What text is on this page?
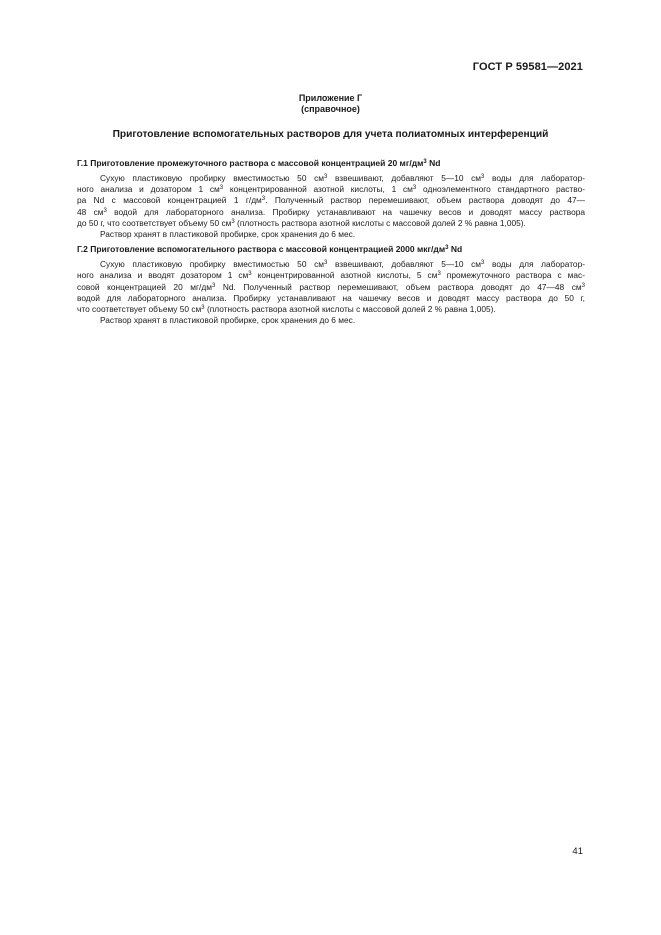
ГОСТ Р 59581—2021
Приложение Г
(справочное)
Приготовление вспомогательных растворов для учета полиатомных интерференций
Г.1 Приготовление промежуточного раствора с массовой концентрацией 20 $мг/дм^3$ Nd
Сухую пластиковую пробирку вместимостью 50 $см^3$ взвешивают, добавляют 5—10 $см^3$ воды для лаборатор-
ного анализа и дозатором 1 $см^3$ концентрированной азотной кислоты, 1 $см^3$ одноэлементного стандартного раство-
ра Nd с массовой концентрацией 1 $г/дм^3$. Полученный раствор перемешивают, объем раствора доводят до 47—
48 $см^3$ водой для лабораторного анализа. Пробирку устанавливают на чашечку весов и доводят массу раствора
до 50 г, что соответствует объему 50 $см^3$ (плотность раствора азотной кислоты с массовой долей 2 % равна 1,005).
Раствор хранят в пластиковой пробирке, срок хранения до 6 мес.
Г.2 Приготовление вспомогательного раствора с массовой концентрацией 2000 мкг/$дм^3$ Nd
Сухую пластиковую пробирку вместимостью 50 $см^3$ взвешивают, добавляют 5—10 $см^3$ воды для лаборатор-
ного анализа и вводят дозатором 1 $см^3$ концентрированной азотной кислоты, 5 $см^3$ промежуточного раствора с мас-
совой концентрацией 20 $мг/дм^3$ Nd. Полученный раствор перемешивают, объем раствора доводят до 47—48 $см^3$
водой для лабораторного анализа. Пробирку устанавливают на чашечку весов и доводят массу раствора до 50 г,
что соответствует объему 50 $см^3$ (плотность раствора азотной кислоты с массовой долей 2 % равна 1,005).
Раствор хранят в пластиковой пробирке, срок хранения до 6 мес.
41
